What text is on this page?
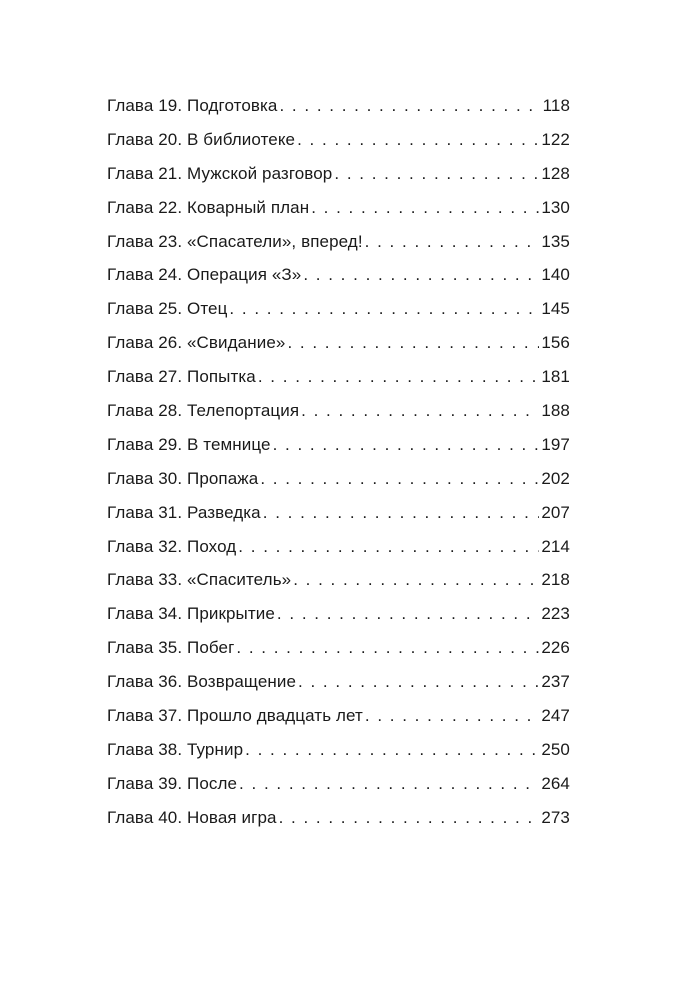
Глава 19. Подготовка . . .	118
Глава 20. В библиотеке . . .	122
Глава 21. Мужской разговор . . .	128
Глава 22. Коварный план . . .	130
Глава 23. «Спасатели», вперед! . . .	135
Глава 24. Операция «З» . . .	140
Глава 25. Отец . . .	145
Глава 26. «Свидание» . . .	156
Глава 27. Попытка . . .	181
Глава 28. Телепортация . . .	188
Глава 29. В темнице . . .	197
Глава 30. Пропажа . . .	202
Глава 31. Разведка . . .	207
Глава 32. Поход . . .	214
Глава 33. «Спаситель» . . .	218
Глава 34. Прикрытие . . .	223
Глава 35. Побег . . .	226
Глава 36. Возвращение . . .	237
Глава 37. Прошло двадцать лет . . .	247
Глава 38. Турнир . . .	250
Глава 39. После . . .	264
Глава 40. Новая игра . . .	273
